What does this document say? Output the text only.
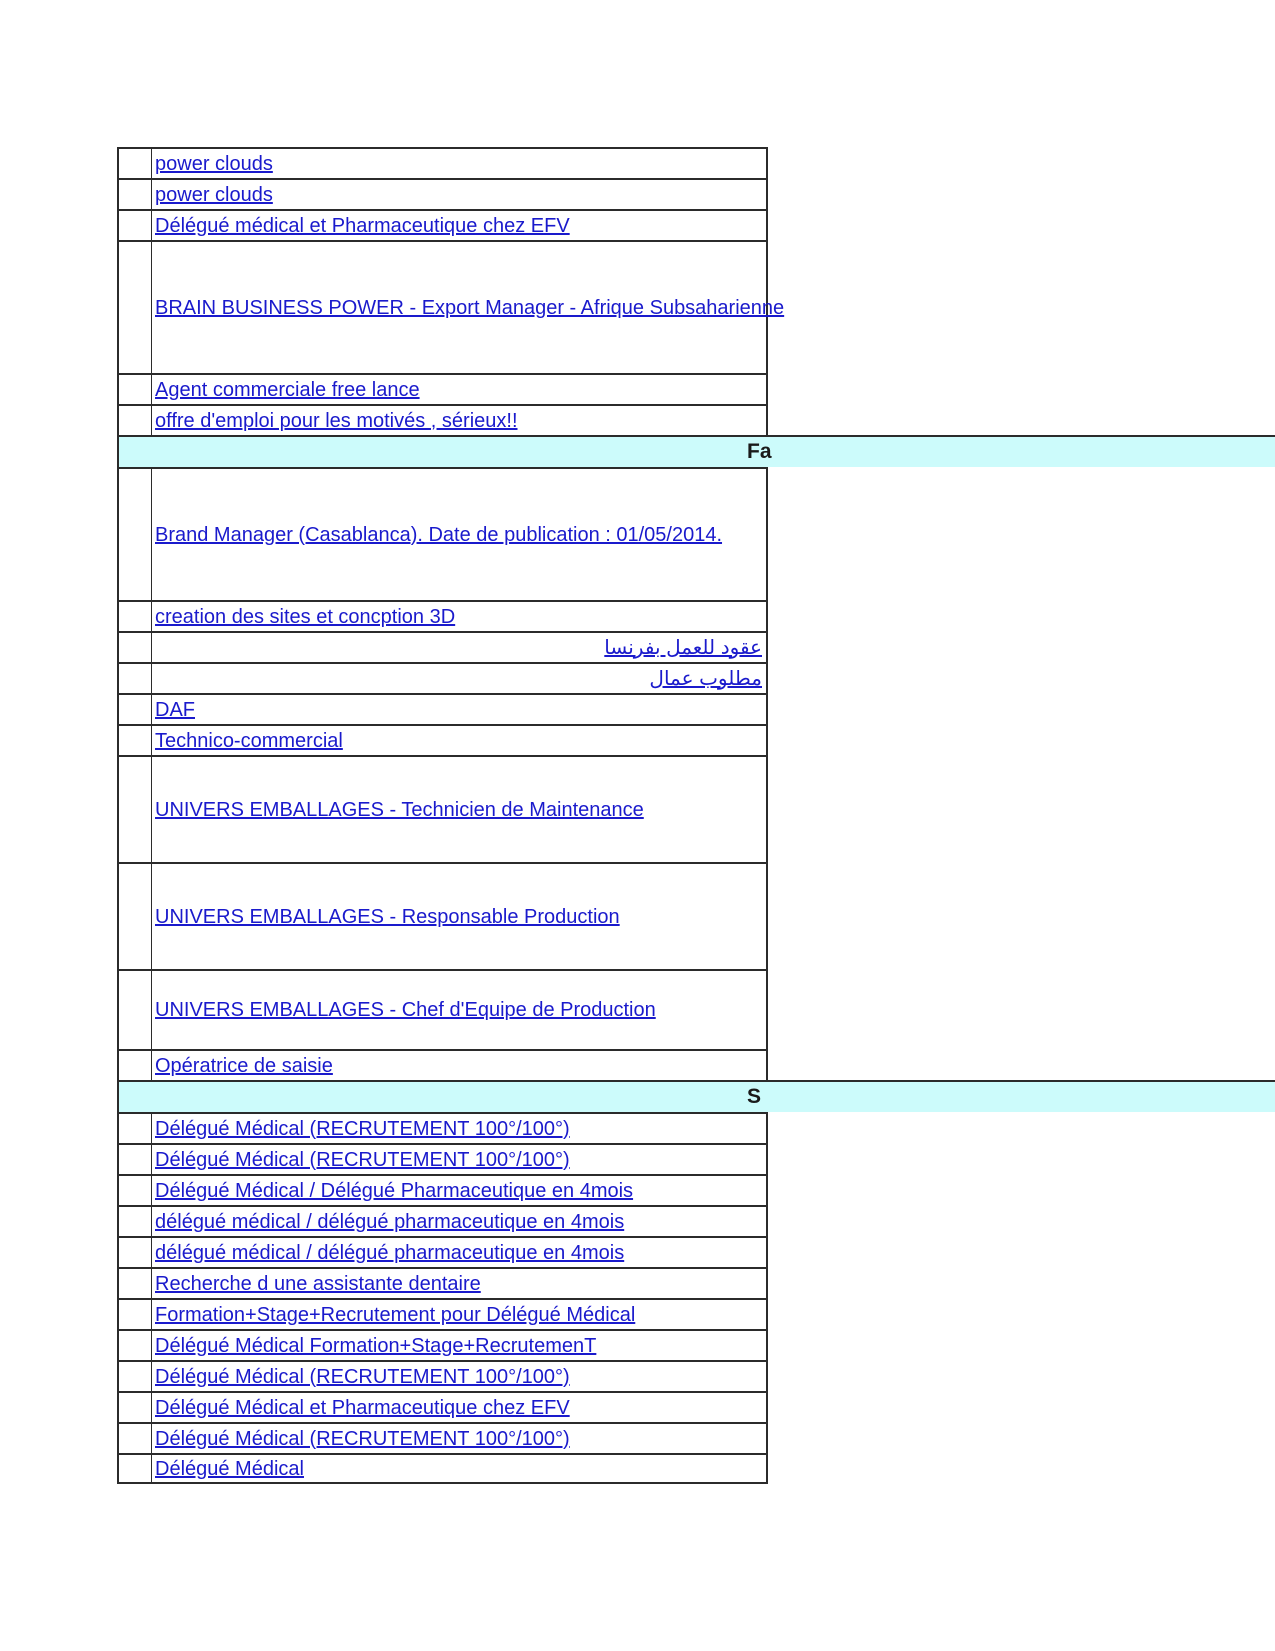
power clouds
power clouds
Délégué médical et Pharmaceutique chez EFV
BRAIN BUSINESS POWER - Export Manager - Afrique Subsaharienne
Agent commerciale free lance
offre d'emploi pour les motivés , sérieux!!
Fa
Brand Manager (Casablanca). Date de publication : 01/05/2014.
creation des sites et concption 3D
عقود للعمل بفرنسا
مطلوب عمال
DAF
Technico-commercial
UNIVERS EMBALLAGES - Technicien de Maintenance
UNIVERS EMBALLAGES - Responsable Production
UNIVERS EMBALLAGES - Chef d'Equipe de Production
Opératrice de saisie
S
Délégué Médical (RECRUTEMENT 100°/100°)
Délégué Médical (RECRUTEMENT 100°/100°)
Délégué Médical / Délégué Pharmaceutique en 4mois
délégué médical / délégué pharmaceutique en 4mois
délégué médical / délégué pharmaceutique en 4mois
Recherche d une assistante dentaire
Formation+Stage+Recrutement pour Délégué Médical
Délégué Médical Formation+Stage+RecrutemenT
Délégué Médical (RECRUTEMENT 100°/100°)
Délégué Médical et Pharmaceutique chez EFV
Délégué Médical (RECRUTEMENT 100°/100°)
Délégué Médical
